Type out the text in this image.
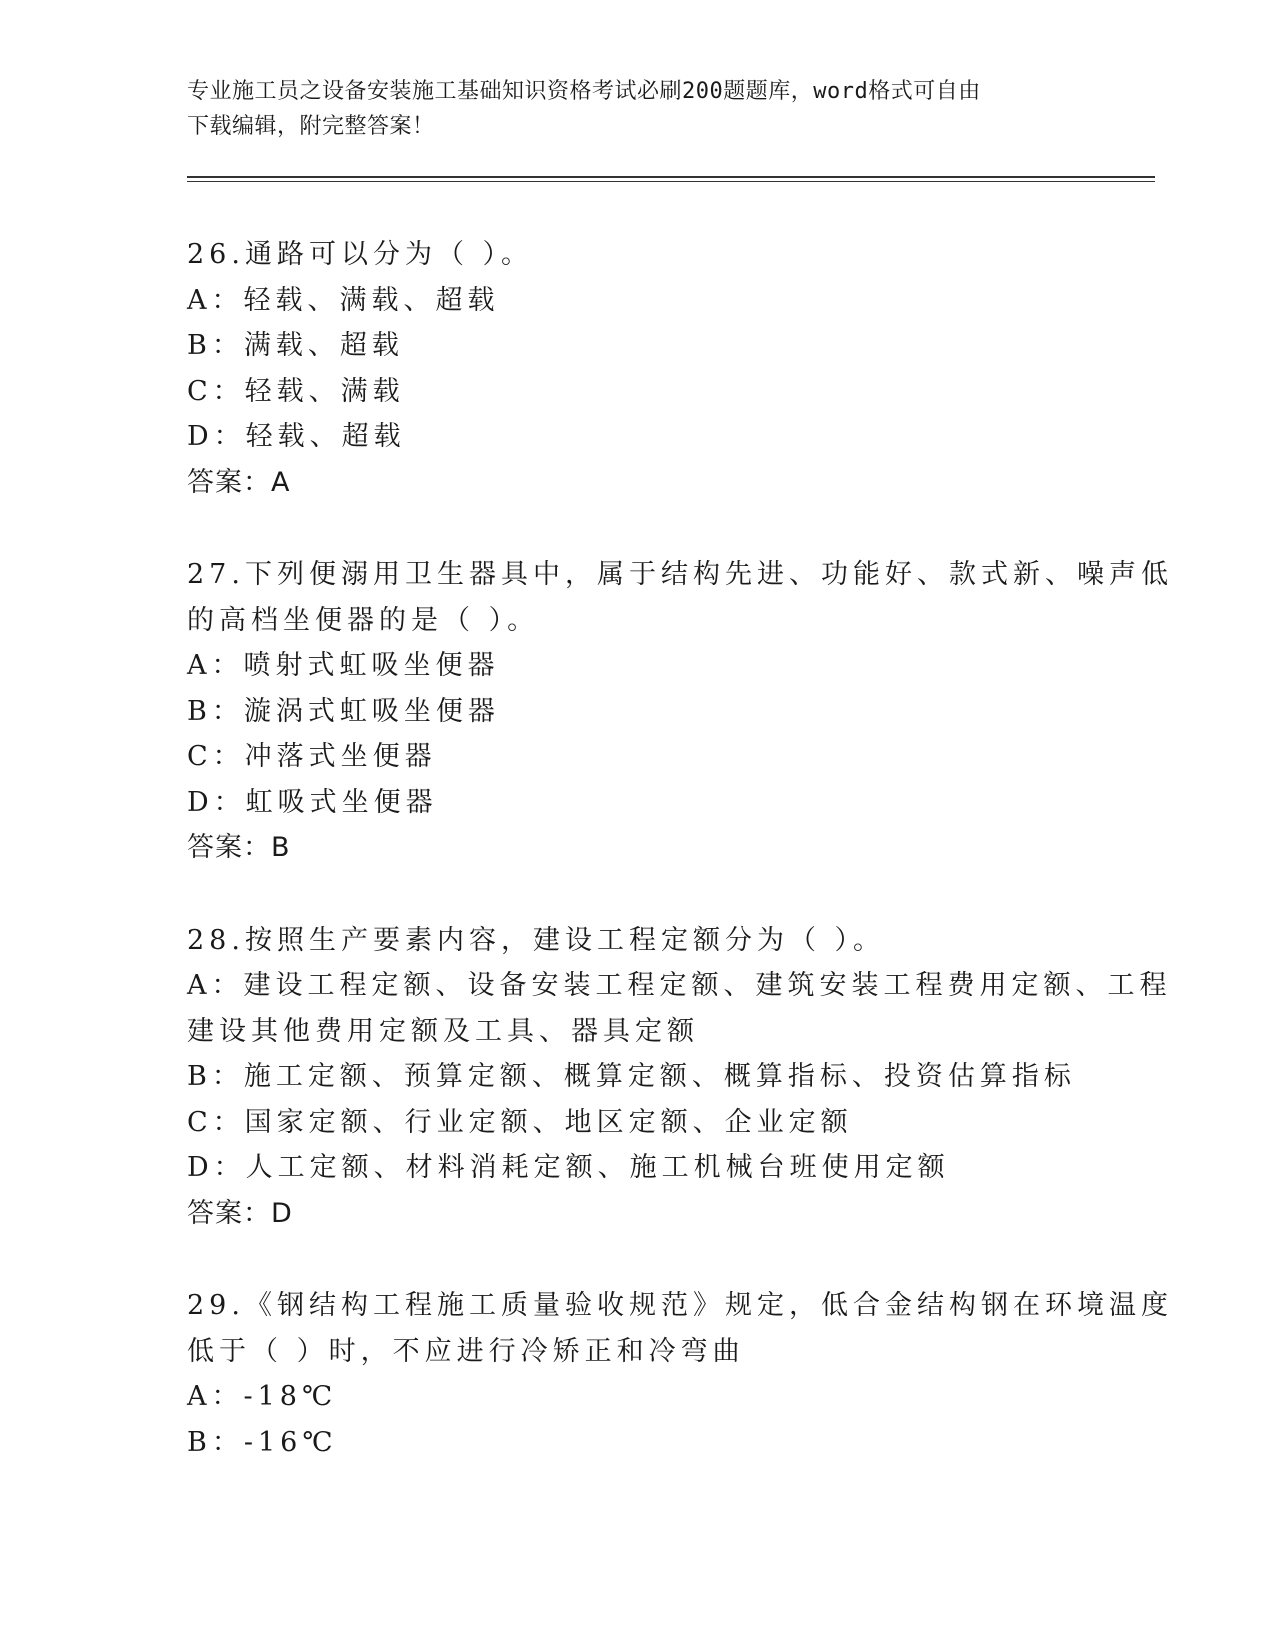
专业施工员之设备安装施工基础知识资格考试必刷200题题库，word格式可自由
下载编辑，附完整答案！
26.通路可以分为（ ）。
A：轻载、满载、超载
B：满载、超载
C：轻载、满载
D：轻载、超载
答案：A
27.下列便溺用卫生器具中，属于结构先进、功能好、款式新、噪声低
的高档坐便器的是（ ）。
A：喷射式虹吸坐便器
B：漩涡式虹吸坐便器
C：冲落式坐便器
D：虹吸式坐便器
答案：B
28.按照生产要素内容，建设工程定额分为（ ）。
A：建设工程定额、设备安装工程定额、建筑安装工程费用定额、工程
建设其他费用定额及工具、器具定额
B：施工定额、预算定额、概算定额、概算指标、投资估算指标
C：国家定额、行业定额、地区定额、企业定额
D：人工定额、材料消耗定额、施工机械台班使用定额
答案：D
29.《钢结构工程施工质量验收规范》规定，低合金结构钢在环境温度
低于（ ）时，不应进行冷矫正和冷弯曲
A：-18℃
B：-16℃
